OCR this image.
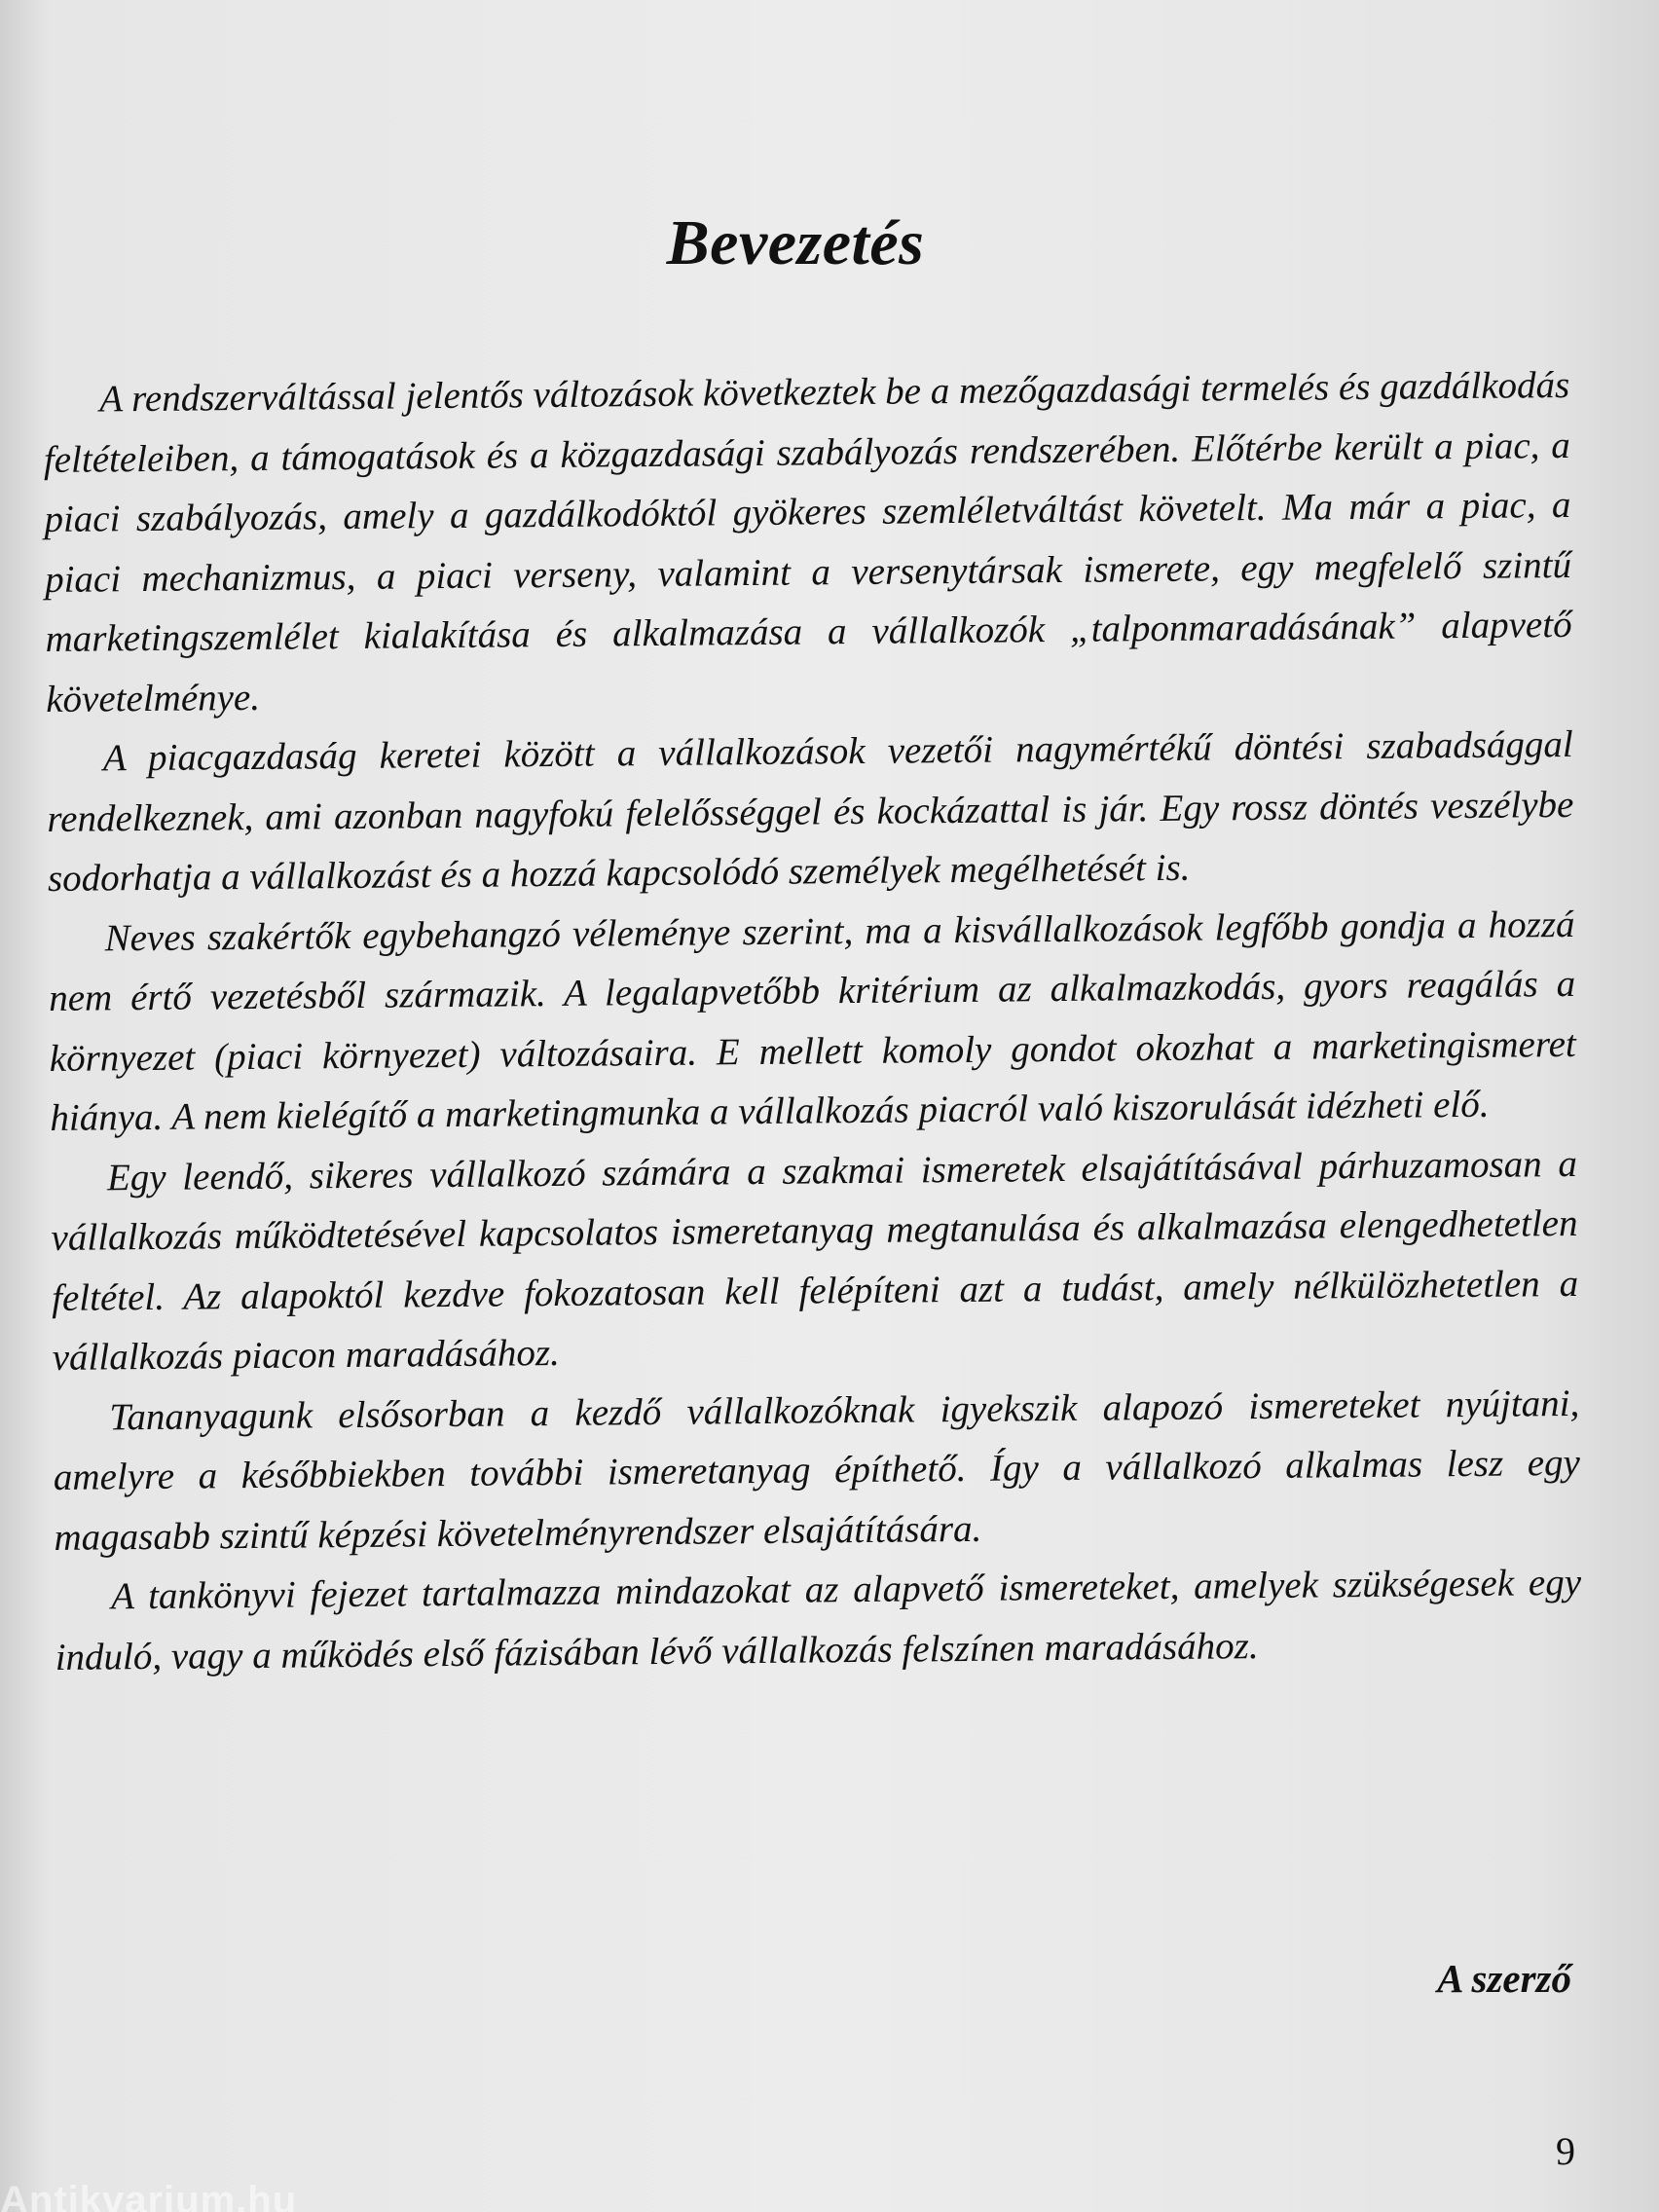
Bevezetés

A rendszerváltással jelentős változások következtek be a mezőgazdasági termelés és gazdálkodás feltételeiben, a támogatások és a közgazdasági szabályozás rendszerében. Előtérbe került a piac, a piaci szabályozás, amely a gazdálkodóktól gyökeres szemléletváltást követelt. Ma már a piac, a piaci mechanizmus, a piaci verseny, valamint a versenytársak ismerete, egy megfelelő szintű marketingszemlélet kialakítása és alkalmazása a vállalkozók „talponmaradásának” alapvető követelménye.

A piacgazdaság keretei között a vállalkozások vezetői nagymértékű döntési szabadsággal rendelkeznek, ami azonban nagyfokú felelősséggel és kockázattal is jár. Egy rossz döntés veszélybe sodorhatja a vállalkozást és a hozzá kapcsolódó személyek megélhetését is.

Neves szakértők egybehangzó véleménye szerint, ma a kisvállalkozások legfőbb gondja a hozzá nem értő vezetésből származik. A legalapvetőbb kritérium az alkalmazkodás, gyors reagálás a környezet (piaci környezet) változásaira. E mellett komoly gondot okozhat a marketingismeret hiánya. A nem kielégítő a marketingmunka a vállalkozás piacról való kiszorulását idézheti elő.

Egy leendő, sikeres vállalkozó számára a szakmai ismeretek elsajátításával párhuzamosan a vállalkozás működtetésével kapcsolatos ismeretanyag megtanulása és alkalmazása elengedhetetlen feltétel. Az alapoktól kezdve fokozatosan kell felépíteni azt a tudást, amely nélkülözhetetlen a vállalkozás piacon maradásához.

Tananyagunk elsősorban a kezdő vállalkozóknak igyekszik alapozó ismereteket nyújtani, amelyre a későbbiekben további ismeretanyag építhető. Így a vállalkozó alkalmas lesz egy magasabb szintű képzési követelményrendszer elsajátítására.

A tankönyvi fejezet tartalmazza mindazokat az alapvető ismereteket, amelyek szükségesek egy induló, vagy a működés első fázisában lévő vállalkozás felszínen maradásához.

A szerző
9
Antikvarium.hu
